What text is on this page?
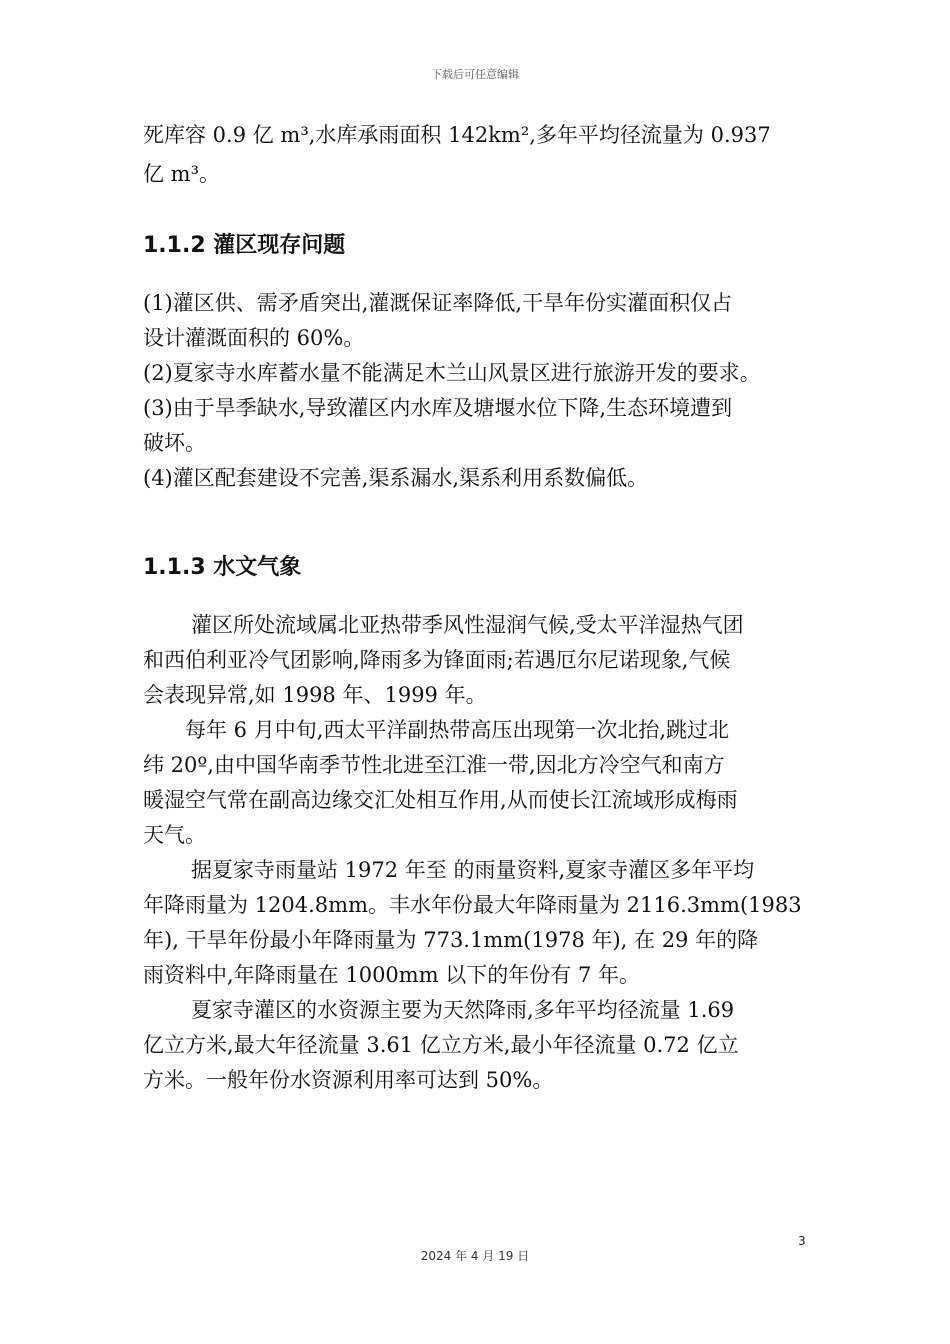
下载后可任意编辑
死库容 0.9 亿 m³,水库承雨面积 142km²,多年平均径流量为 0.937
亿 m³。
1.1.2 灌区现存问题
(1)灌区供、需矛盾突出,灌溉保证率降低,干旱年份实灌面积仅占
设计灌溉面积的 60%。
(2)夏家寺水库蓄水量不能满足木兰山风景区进行旅游开发的要求。
(3)由于旱季缺水,导致灌区内水库及塘堰水位下降,生态环境遭到
破坏。
(4)灌区配套建设不完善,渠系漏水,渠系利用系数偏低。
1.1.3 水文气象
灌区所处流域属北亚热带季风性湿润气候,受太平洋湿热气团
和西伯利亚冷气团影响,降雨多为锋面雨;若遇厄尔尼诺现象,气候
会表现异常,如 1998 年、1999 年。
每年 6 月中旬,西太平洋副热带高压出现第一次北抬,跳过北
纬 20º,由中国华南季节性北进至江淮一带,因北方冷空气和南方
暖湿空气常在副高边缘交汇处相互作用,从而使长江流域形成梅雨
天气。
据夏家寺雨量站 1972 年至 的雨量资料,夏家寺灌区多年平均
年降雨量为 1204.8mm。丰水年份最大年降雨量为 2116.3mm(1983
年), 干旱年份最小年降雨量为 773.1mm(1978 年), 在 29 年的降
雨资料中,年降雨量在 1000mm 以下的年份有 7 年。
夏家寺灌区的水资源主要为天然降雨,多年平均径流量 1.69
亿立方米,最大年径流量 3.61 亿立方米,最小年径流量 0.72 亿立
方米。一般年份水资源利用率可达到 50%。
3
2024 年 4 月 19 日
